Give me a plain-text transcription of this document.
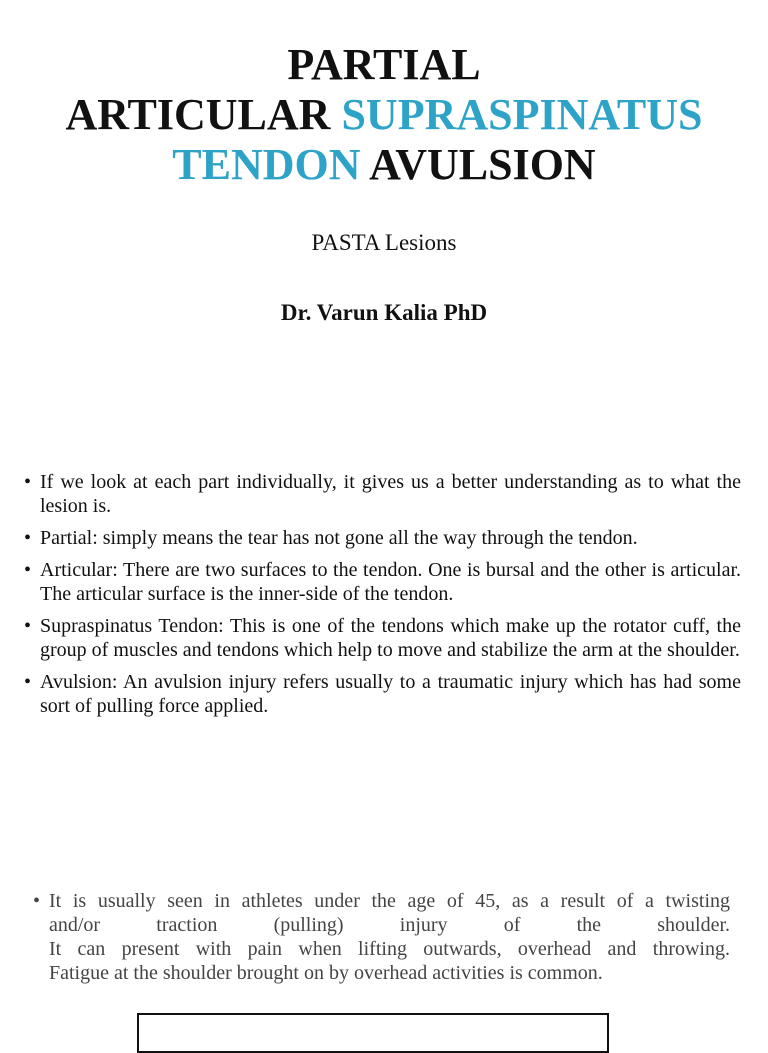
PARTIAL
ARTICULAR SUPRASPINATUS
TENDON AVULSION
PASTA Lesions
Dr. Varun Kalia PhD
• If we look at each part individually, it gives us a better understanding as to what the lesion is.
• Partial: simply means the tear has not gone all the way through the tendon.
• Articular: There are two surfaces to the tendon. One is bursal and the other is articular. The articular surface is the inner-side of the tendon.
• Supraspinatus Tendon: This is one of the tendons which make up the rotator cuff, the group of muscles and tendons which help to move and stabilize the arm at the shoulder.
• Avulsion: An avulsion injury refers usually to a traumatic injury which has had some sort of pulling force applied.
• It is usually seen in athletes under the age of 45, as a result of a twisting
and/or traction (pulling) injury of the shoulder.
It can present with pain when lifting outwards, overhead and throwing.
Fatigue at the shoulder brought on by overhead activities is common.
